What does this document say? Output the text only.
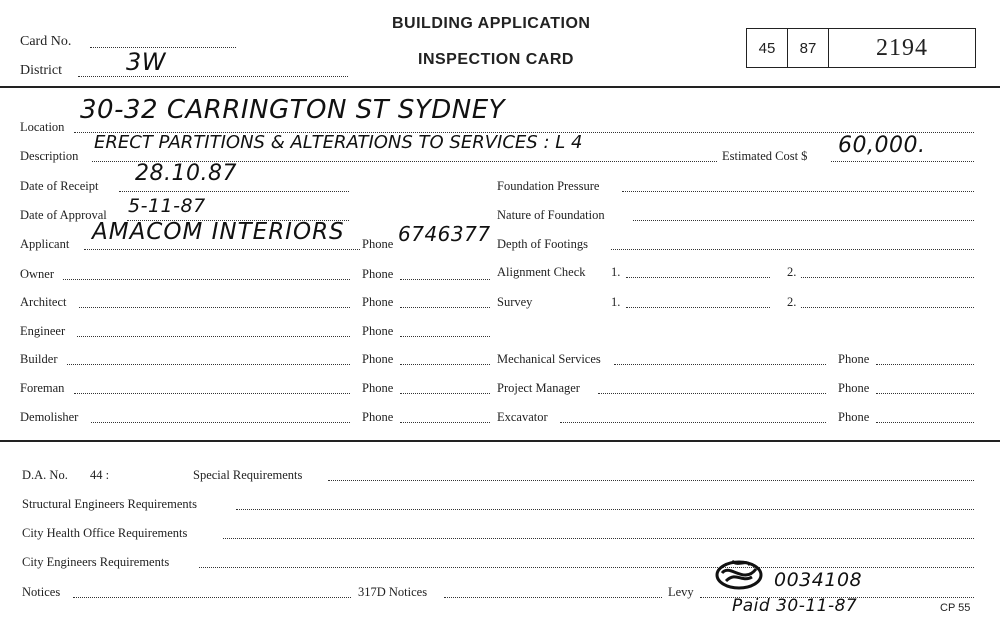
Card No.
District	3W
BUILDING APPLICATION
INSPECTION CARD
45 87 2194
Location
30-32 CARRINGTON ST SYDNEY
Description
ERECT PARTITIONS & ALTERATIONS TO SERVICES : L 4
Estimated Cost $ 60,000.
Date of Receipt 28.10.87
Date of Approval 5-11-87
Applicant AMACOM INTERIORS Phone 6746377
Owner	Phone
Architect	Phone
Engineer	Phone
Builder	Phone
Foreman	Phone
Demolisher	Phone
Foundation Pressure
Nature of Foundation
Depth of Footings
Alignment Check 1.	2.
Survey	1.	2.
Mechanical Services	Phone
Project Manager	Phone
Excavator	Phone
D.A. No. 44 :	Special Requirements
Structural Engineers Requirements
City Health Office Requirements
City Engineers Requirements
Notices	317D Notices	Levy
0034108
Paid 30-11-87	CP 55
